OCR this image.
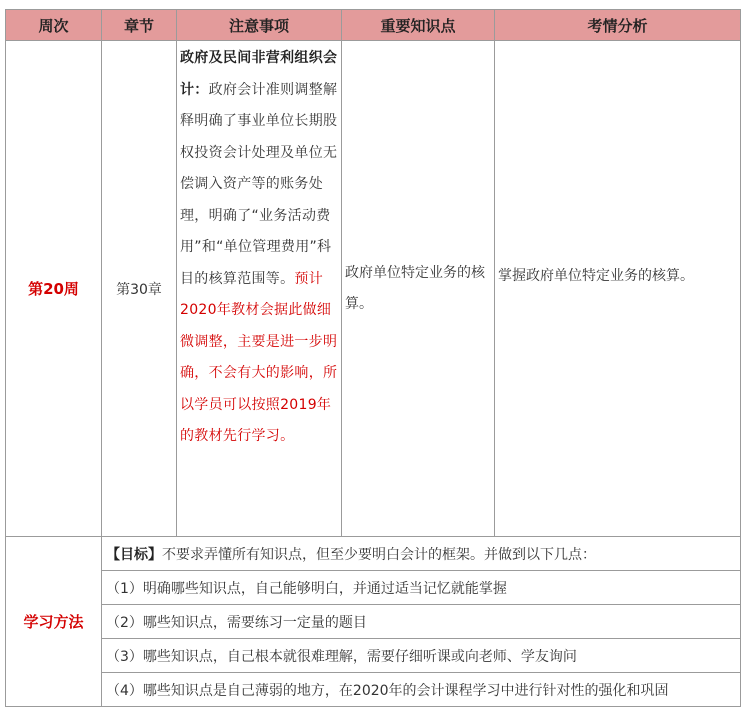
周次	章节	注意事项	重要知识点	考情分析
第20周	第30章	政府及民间非营利组织会计：政府会计准则调整解释明确了事业单位长期股权投资会计处理及单位无偿调入资产等的账务处理，明确了“业务活动费用”和“单位管理费用”科目的核算范围等。预计2020年教材会据此做细微调整，主要是进一步明确，不会有大的影响，所以学员可以按照2019年的教材先行学习。	政府单位特定业务的核算。	掌握政府单位特定业务的核算。
学习方法	【目标】不要求弄懂所有知识点，但至少要明白会计的框架。并做到以下几点：			
	（1）明确哪些知识点，自己能够明白，并通过适当记忆就能掌握			
	（2）哪些知识点，需要练习一定量的题目			
	（3）哪些知识点，自己根本就很难理解，需要仔细听课或向老师、学友询问			
	（4）哪些知识点是自己薄弱的地方，在2020年的会计课程学习中进行针对性的强化和巩固			
